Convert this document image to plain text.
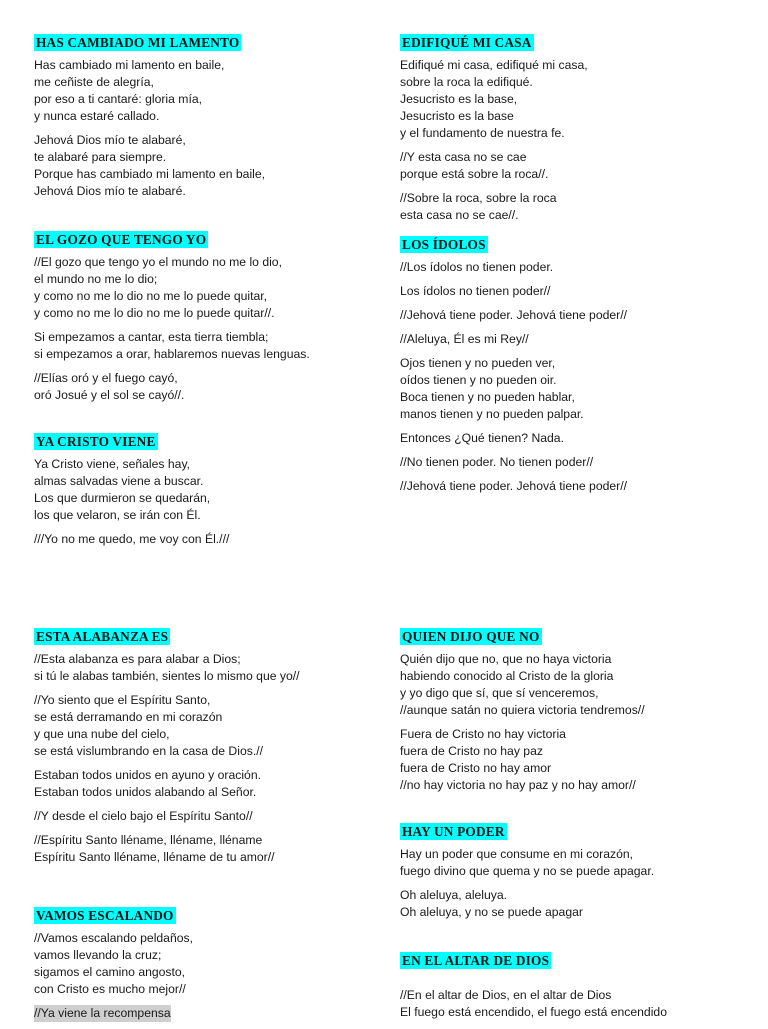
HAS CAMBIADO MI LAMENTO
Has cambiado mi lamento en baile,
me ceñiste de alegría,
por eso a ti cantaré: gloria mía,
y nunca estaré callado.
Jehová Dios mío te alabaré,
te alabaré para siempre.
Porque has cambiado mi lamento en baile,
Jehová Dios mío te alabaré.
EL GOZO QUE TENGO YO
//El gozo que tengo yo el mundo no me lo dio,
el mundo no me lo dio;
y como no me lo dio no me lo puede quitar,
y como no me lo dio no me lo puede quitar//.
Si empezamos a cantar, esta tierra tiembla;
si empezamos a orar, hablaremos nuevas lenguas.
//Elías oró y el fuego cayó,
oró Josué y el sol se cayó//.
YA CRISTO VIENE
Ya Cristo viene, señales hay,
almas salvadas viene a buscar.
Los que durmieron se quedarán,
los que velaron, se irán con Él.
///Yo no me quedo, me voy con Él.///
ESTA ALABANZA ES
//Esta alabanza es para alabar a Dios;
si tú le alabas también, sientes lo mismo que yo//
//Yo siento que el Espíritu Santo,
se está derramando en mi corazón
y que una nube del cielo,
se está vislumbrando en la casa de Dios.//
Estaban todos unidos en ayuno y oración.
Estaban todos unidos alabando al Señor.
//Y desde el cielo bajo el Espíritu Santo//
//Espíritu Santo lléname, lléname, lléname
Espíritu Santo lléname, lléname de tu amor//
VAMOS ESCALANDO
//Vamos escalando peldaños,
vamos llevando la cruz;
sigamos el camino angosto,
con Cristo es mucho mejor//
//Ya viene la recompensa
EDIFIQUÉ MI CASA
Edifiqué mi casa, edifiqué mi casa,
sobre la roca la edifiqué.
Jesucristo es la base,
Jesucristo es la base
y el fundamento de nuestra fe.
//Y esta casa no se cae
porque está sobre la roca//.
//Sobre la roca, sobre la roca
esta casa no se cae//.
LOS ÍDOLOS
//Los ídolos no tienen poder.
Los ídolos no tienen poder//
//Jehová tiene poder. Jehová tiene poder//
//Aleluya, Él es mi Rey//
Ojos tienen y no pueden ver,
oídos tienen y no pueden oir.
Boca tienen y no pueden hablar,
manos tienen y no pueden palpar.
Entonces ¿Qué tienen? Nada.
//No tienen poder. No tienen poder//
//Jehová tiene poder. Jehová tiene poder//
QUIEN DIJO QUE NO
Quién dijo que no, que no haya victoria
habiendo conocido al Cristo de la gloria
y yo digo que sí, que sí venceremos,
//aunque satán no quiera victoria tendremos//
Fuera de Cristo no hay victoria
fuera de Cristo no hay paz
fuera de Cristo no hay amor
//no hay victoria no hay paz y no hay amor//
HAY UN PODER
Hay un poder que consume en mi corazón,
fuego divino que quema y no se puede apagar.
Oh aleluya, aleluya.
Oh aleluya, y no se puede apagar
EN EL ALTAR DE DIOS
//En el altar de Dios, en el altar de Dios
El fuego está encendido, el fuego está encendido
